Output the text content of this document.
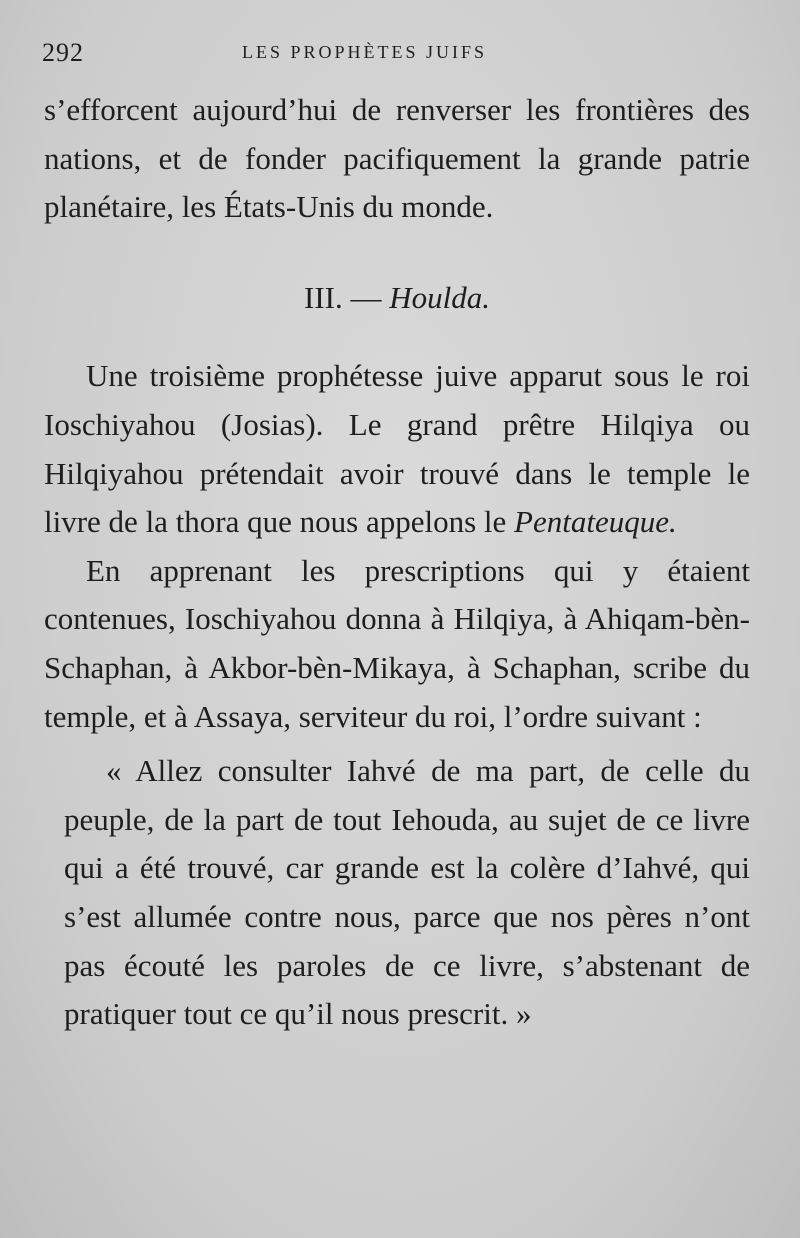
292	LES PROPHÈTES JUIFS

s’efforcent aujourd’hui de renverser les frontières des nations, et de fonder pacifiquement la grande patrie planétaire, les États-Unis du monde.

III. — Houlda.

Une troisième prophétesse juive apparut sous le roi Ioschiyahou (Josias). Le grand prêtre Hilqiya ou Hilqiyahou prétendait avoir trouvé dans le temple le livre de la thora que nous appelons le Pentateuque.

En apprenant les prescriptions qui y étaient contenues, Ioschiyahou donna à Hilqiya, à Ahiqam-bèn-Schaphan, à Akbor-bèn-Mikaya, à Schaphan, scribe du temple, et à Assaya, serviteur du roi, l’ordre suivant :

« Allez consulter Iahvé de ma part, de celle du peuple, de la part de tout Iehouda, au sujet de ce livre qui a été trouvé, car grande est la colère d’Iahvé, qui s’est allumée contre nous, parce que nos pères n’ont pas écouté les paroles de ce livre, s’abstenant de pratiquer tout ce qu’il nous prescrit. »
